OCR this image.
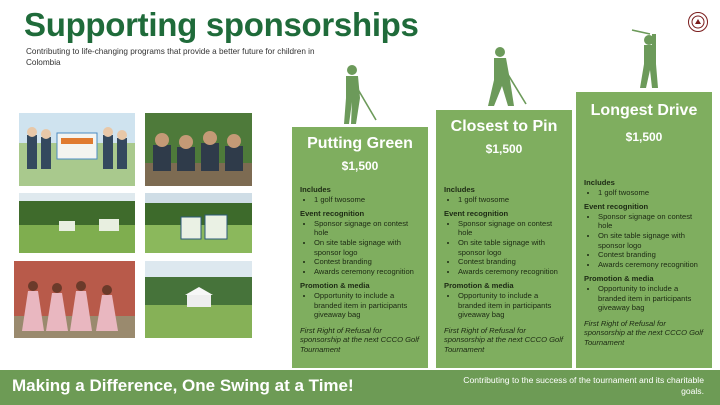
Supporting sponsorships
Contributing to life-changing programs that provide a better future for children in Colombia
Putting Green
$1,500
Includes
• 1 golf twosome
Event recognition
• Sponsor signage on contest hole
• On site table signage with sponsor logo
• Contest branding
• Awards ceremony recognition
Promotion & media
• Opportunity to include a branded item in participants giveaway bag
First Right of Refusal for sponsorship at the next CCCO Golf Tournament
Closest to Pin
$1,500
Includes
• 1 golf twosome
Event recognition
• Sponsor signage on contest hole
• On site table signage with sponsor logo
• Contest branding
• Awards ceremony recognition
Promotion & media
• Opportunity to include a branded item in participants giveaway bag
First Right of Refusal for sponsorship at the next CCCO Golf Tournament
Longest Drive
$1,500
Includes
• 1 golf twosome
Event recognition
• Sponsor signage on contest hole
• On site table signage with sponsor logo
• Contest branding
• Awards ceremony recognition
Promotion & media
• Opportunity to include a branded item in participants giveaway bag
First Right of Refusal for sponsorship at the next CCCO Golf Tournament
Making a Difference, One Swing at a Time!	Contributing to the success of the tournament and its charitable goals.
